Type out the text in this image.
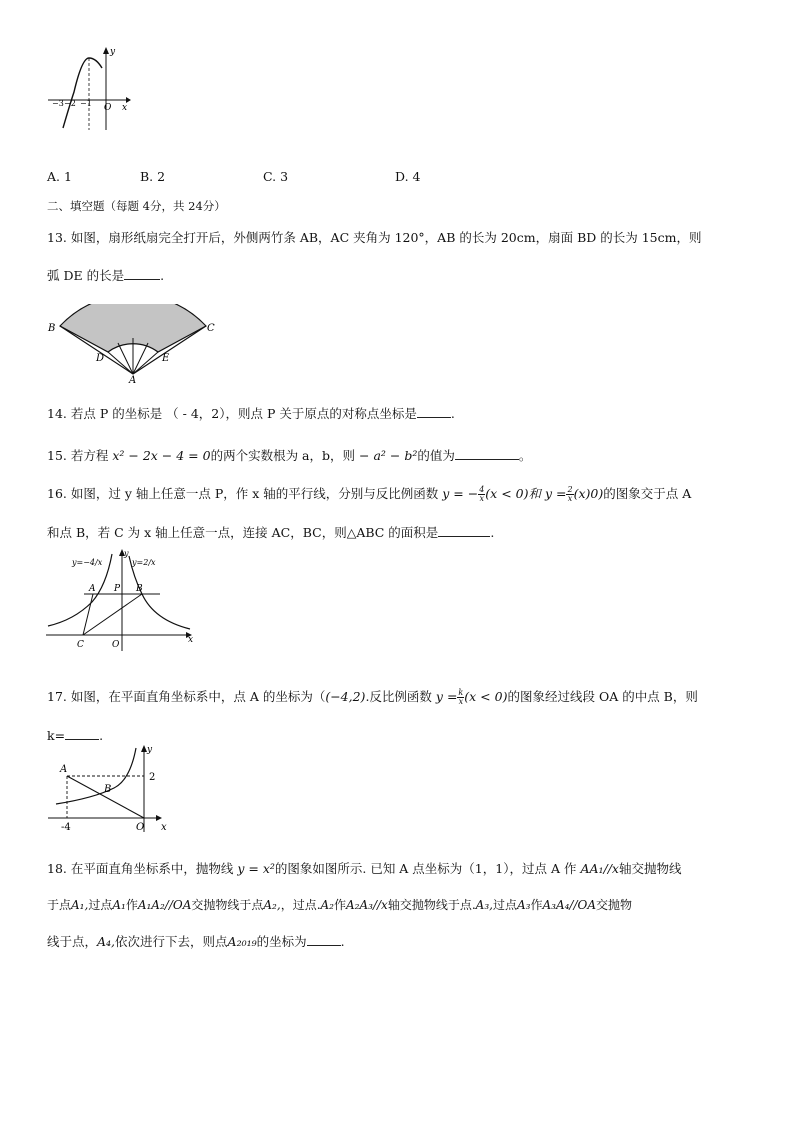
y
x
O
−3 −2 −1
A. 1	B. 2	C. 3	D. 4
二、填空题（每题 4分，共 24分）
13. 如图，扇形纸扇完全打开后，外侧两竹条 AB，AC 夹角为 120°，AB 的长为 20cm，扇面 BD 的长为 15cm，则
弧 DE 的长是	.
B	C
D	E
A
14. 若点 P 的坐标是 （ - 4，2），则点 P 关于原点的对称点坐标是	.
15. 若方程 x² − 2x − 4 = 0的两个实数根为 a，b，则 − a² − b²的值为	。
16. 如图，过 y 轴上任意一点 P，作 x 轴的平行线，分别与反比例函数 y = − $\frac{4}{x} (x < 0)$和 $y = \frac{2}{x} (x)0$)的图象交于点 A
和点 B，若 C 为 x 轴上任意一点，连接 AC，BC，则△ABC 的面积是	.
y=−4/x	y=2/x
y
A P B
C	O	x
17. 如图，在平面直角坐标系中，点 A 的坐标为（(−4,2).反比例函数 $y = \frac{k}{x} (x < 0)$的图象经过线段 OA 的中点 B，则
k=	.
y
A
2
B
-4	O x
18. 在平面直角坐标系中，抛物线 y = x²的图象如图所示. 已知 A 点坐标为（1，1），过点 A 作 AA₁//x轴交抛物线
于点A₁,过点A₁作A₁A₂//OA交抛物线于点A₂,，过点.A₂作A₂A₃//x轴交抛物线于点.A₃,过点A₃作A₃A₄//OA交抛物
线于点，A₄,依次进行下去，则点A₂₀₁₉的坐标为	.
